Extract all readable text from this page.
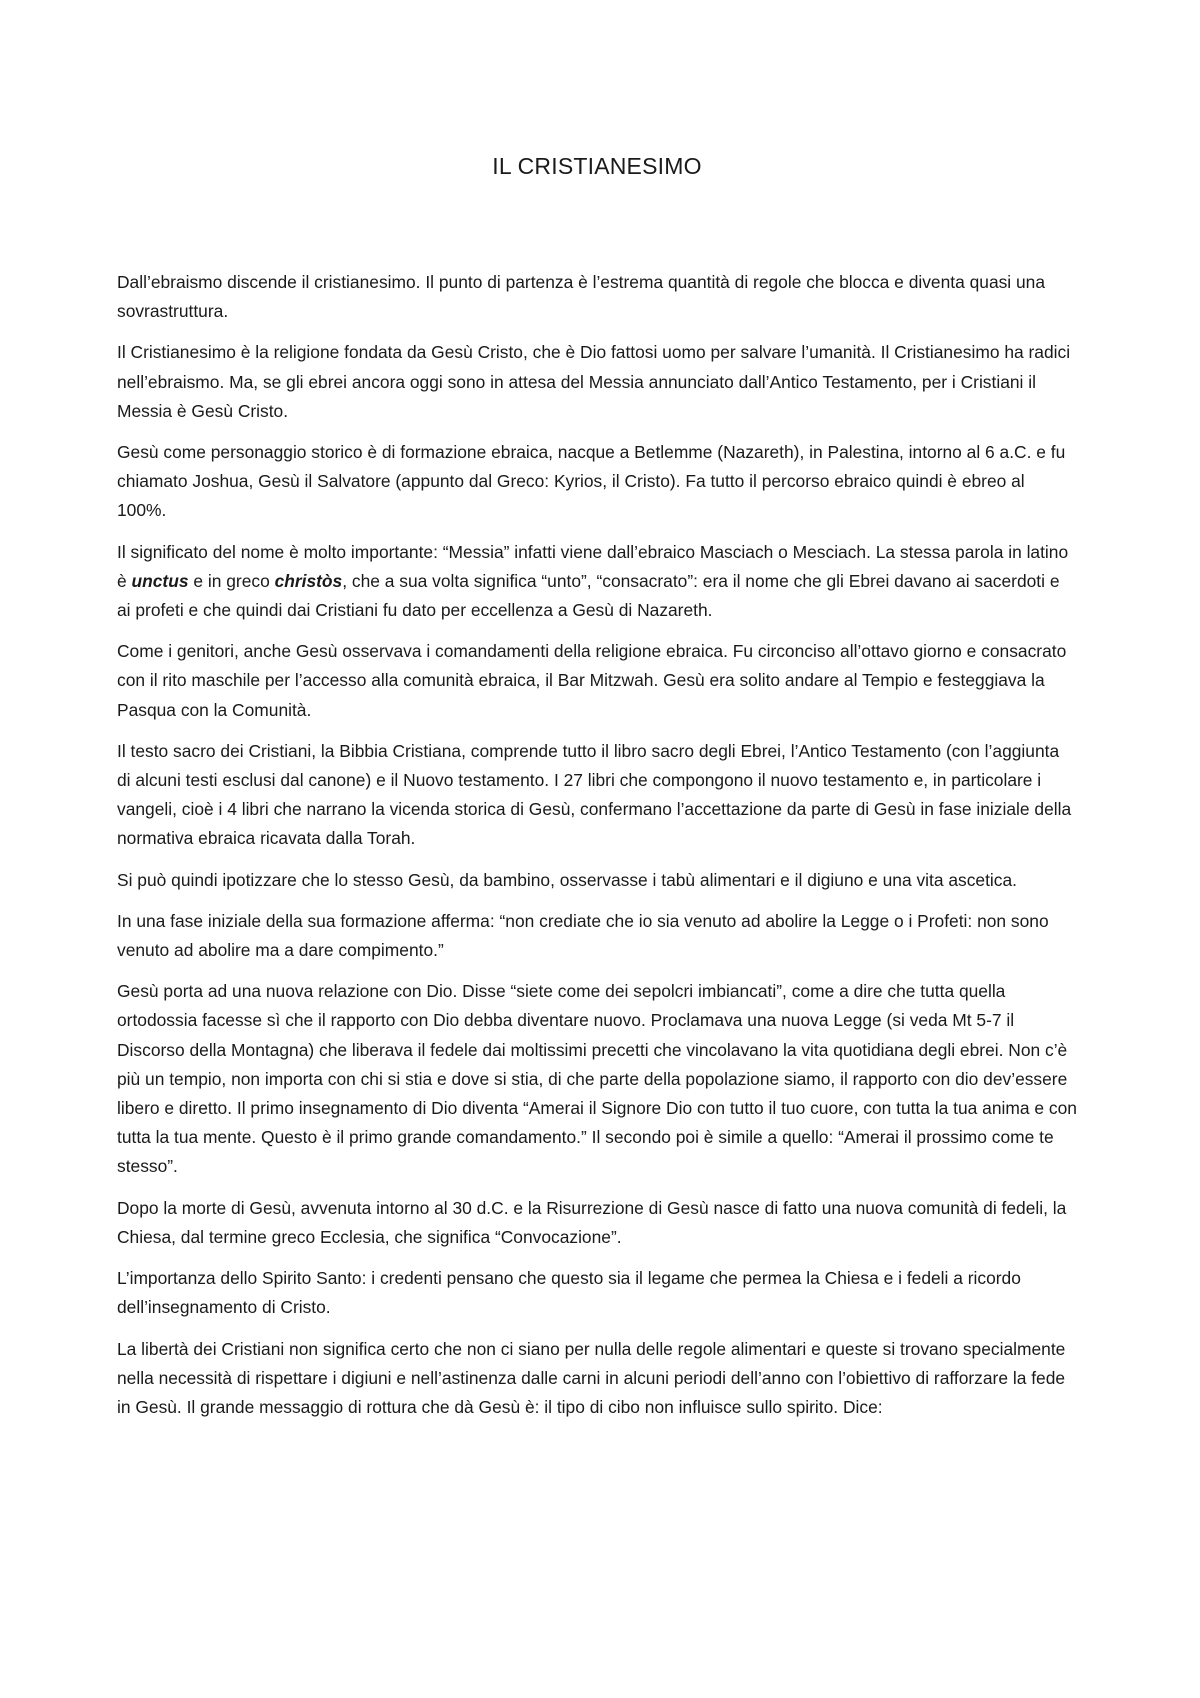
IL CRISTIANESIMO

Dall’ebraismo discende il cristianesimo. Il punto di partenza è l’estrema quantità di regole che blocca e diventa quasi una sovrastruttura.

Il Cristianesimo è la religione fondata da Gesù Cristo, che è Dio fattosi uomo per salvare l’umanità. Il Cristianesimo ha radici nell’ebraismo. Ma, se gli ebrei ancora oggi sono in attesa del Messia annunciato dall’Antico Testamento, per i Cristiani il Messia è Gesù Cristo.

Gesù come personaggio storico è di formazione ebraica, nacque a Betlemme (Nazareth), in Palestina, intorno al 6 a.C. e fu chiamato Joshua, Gesù il Salvatore (appunto dal Greco: Kyrios, il Cristo). Fa tutto il percorso ebraico quindi è ebreo al 100%.

Il significato del nome è molto importante: “Messia” infatti viene dall’ebraico Masciach o Mesciach. La stessa parola in latino è unctus e in greco christòs, che a sua volta significa “unto”, “consacrato”: era il nome che gli Ebrei davano ai sacerdoti e ai profeti e che quindi dai Cristiani fu dato per eccellenza a Gesù di Nazareth.

Come i genitori, anche Gesù osservava i comandamenti della religione ebraica. Fu circonciso all’ottavo giorno e consacrato con il rito maschile per l’accesso alla comunità ebraica, il Bar Mitzwah. Gesù era solito andare al Tempio e festeggiava la Pasqua con la Comunità.

Il testo sacro dei Cristiani, la Bibbia Cristiana, comprende tutto il libro sacro degli Ebrei, l’Antico Testamento (con l’aggiunta di alcuni testi esclusi dal canone) e il Nuovo testamento. I 27 libri che compongono il nuovo testamento e, in particolare i vangeli, cioè i 4 libri che narrano la vicenda storica di Gesù, confermano l’accettazione da parte di Gesù in fase iniziale della normativa ebraica ricavata dalla Torah.

Si può quindi ipotizzare che lo stesso Gesù, da bambino, osservasse i tabù alimentari e il digiuno e una vita ascetica.

In una fase iniziale della sua formazione afferma: “non crediate che io sia venuto ad abolire la Legge o i Profeti: non sono venuto ad abolire ma a dare compimento.”

Gesù porta ad una nuova relazione con Dio. Disse “siete come dei sepolcri imbiancati”, come a dire che tutta quella ortodossia facesse sì che il rapporto con Dio debba diventare nuovo. Proclamava una nuova Legge (si veda Mt 5-7 il Discorso della Montagna) che liberava il fedele dai moltissimi precetti che vincolavano la vita quotidiana degli ebrei. Non c’è più un tempio, non importa con chi si stia e dove si stia, di che parte della popolazione siamo, il rapporto con dio dev’essere libero e diretto. Il primo insegnamento di Dio diventa “Amerai il Signore Dio con tutto il tuo cuore, con tutta la tua anima e con tutta la tua mente. Questo è il primo grande comandamento.” Il secondo poi è simile a quello: “Amerai il prossimo come te stesso”.

Dopo la morte di Gesù, avvenuta intorno al 30 d.C. e la Risurrezione di Gesù nasce di fatto una nuova comunità di fedeli, la Chiesa, dal termine greco Ecclesia, che significa “Convocazione”.

L’importanza dello Spirito Santo: i credenti pensano che questo sia il legame che permea la Chiesa e i fedeli a ricordo dell’insegnamento di Cristo.

La libertà dei Cristiani non significa certo che non ci siano per nulla delle regole alimentari e queste si trovano specialmente nella necessità di rispettare i digiuni e nell’astinenza dalle carni in alcuni periodi dell’anno con l’obiettivo di rafforzare la fede in Gesù. Il grande messaggio di rottura che dà Gesù è: il tipo di cibo non influisce sullo spirito. Dice:
